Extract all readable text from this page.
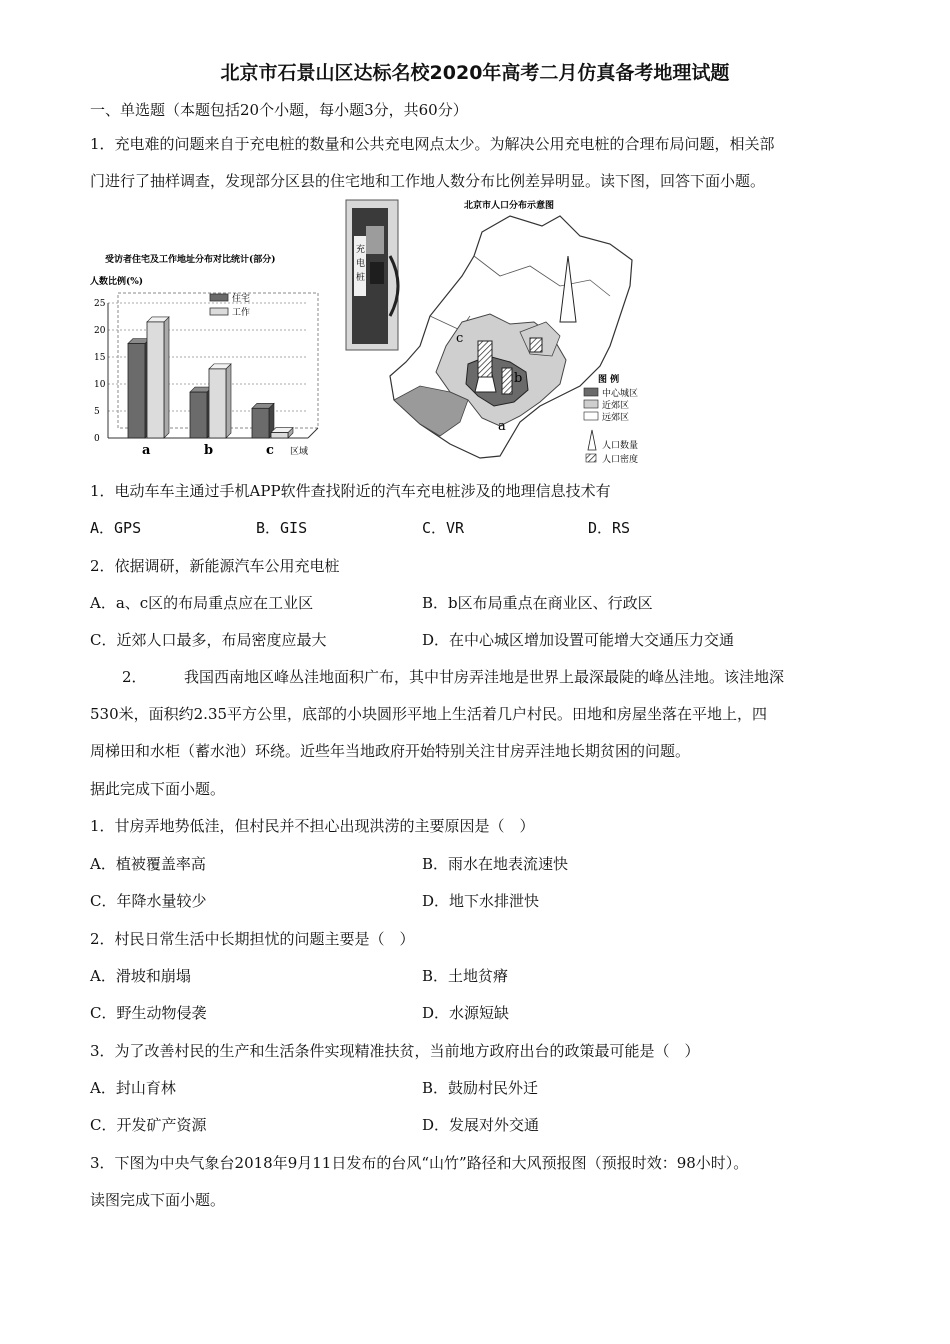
北京市石景山区达标名校2020年高考二月仿真备考地理试题
一、单选题（本题包括20个小题，每小题3分，共60分）
1．充电难的问题来自于充电桩的数量和公共充电网点太少。为解决公用充电桩的合理布局问题，相关部
门进行了抽样调查，发现部分区县的住宅地和工作地人数分布比例差异明显。读下图，回答下面小题。
受访者住宅及工作地址分布对比统计(部分)
人数比例(%)
0
5
10
15
20
25
a	b	c 区域
住宅
工作
充电桩
北京市人口分布示意图
c
b
a
图 例
中心城区
近郊区
远郊区
人口数量
人口密度
1．电动车车主通过手机APP软件查找附近的汽车充电桩涉及的地理信息技术有
A．GPS	B．GIS	C．VR	D．RS
2．依据调研，新能源汽车公用充电桩
A．a、c区的布局重点应在工业区	B．b区布局重点在商业区、行政区
C．近郊人口最多，布局密度应最大	D．在中心城区增加设置可能增大交通压力交通
2． 我国西南地区峰丛洼地面积广布，其中甘房弄洼地是世界上最深最陡的峰丛洼地。该洼地深
530米，面积约2.35平方公里，底部的小块圆形平地上生活着几户村民。田地和房屋坐落在平地上，四
周梯田和水柜（蓄水池）环绕。近些年当地政府开始特别关注甘房弄洼地长期贫困的问题。
据此完成下面小题。
1．甘房弄地势低洼，但村民并不担心出现洪涝的主要原因是（　）
A．植被覆盖率高	B．雨水在地表流速快
C．年降水量较少	D．地下水排泄快
2．村民日常生活中长期担忧的问题主要是（　）
A．滑坡和崩塌	B．土地贫瘠
C．野生动物侵袭	D．水源短缺
3．为了改善村民的生产和生活条件实现精准扶贫，当前地方政府出台的政策最可能是（　）
A．封山育林	B．鼓励村民外迁
C．开发矿产资源	D．发展对外交通
3．下图为中央气象台2018年9月11日发布的台风“山竹”路径和大风预报图（预报时效：98小时）。
读图完成下面小题。
